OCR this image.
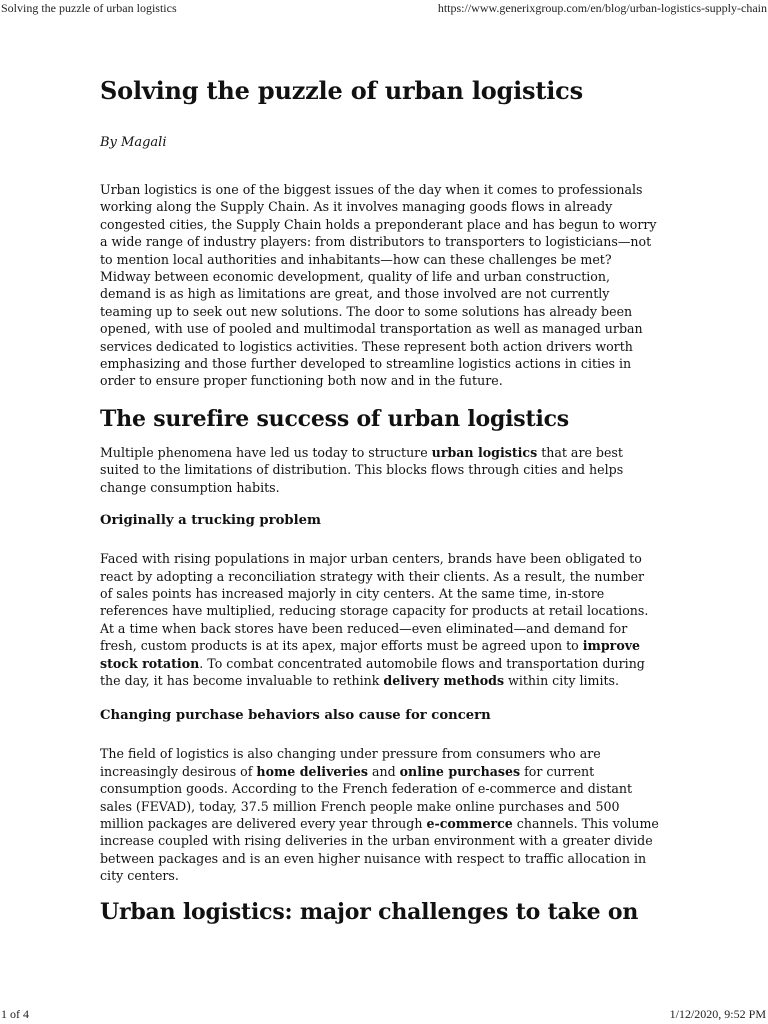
Solving the puzzle of urban logistics	https://www.generixgroup.com/en/blog/urban-logistics-supply-chain
Solving the puzzle of urban logistics
By Magali

Urban logistics is one of the biggest issues of the day when it comes to professionals working along the Supply Chain. As it involves managing goods flows in already congested cities, the Supply Chain holds a preponderant place and has begun to worry a wide range of industry players: from distributors to transporters to logisticians—not to mention local authorities and inhabitants—how can these challenges be met? Midway between economic development, quality of life and urban construction, demand is as high as limitations are great, and those involved are not currently teaming up to seek out new solutions. The door to some solutions has already been opened, with use of pooled and multimodal transportation as well as managed urban services dedicated to logistics activities. These represent both action drivers worth emphasizing and those further developed to streamline logistics actions in cities in order to ensure proper functioning both now and in the future.

The surefire success of urban logistics

Multiple phenomena have led us today to structure urban logistics that are best suited to the limitations of distribution. This blocks flows through cities and helps change consumption habits.

Originally a trucking problem

Faced with rising populations in major urban centers, brands have been obligated to react by adopting a reconciliation strategy with their clients. As a result, the number of sales points has increased majorly in city centers. At the same time, in-store references have multiplied, reducing storage capacity for products at retail locations. At a time when back stores have been reduced—even eliminated—and demand for fresh, custom products is at its apex, major efforts must be agreed upon to improve stock rotation. To combat concentrated automobile flows and transportation during the day, it has become invaluable to rethink delivery methods within city limits.

Changing purchase behaviors also cause for concern

The field of logistics is also changing under pressure from consumers who are increasingly desirous of home deliveries and online purchases for current consumption goods. According to the French federation of e-commerce and distant sales (FEVAD), today, 37.5 million French people make online purchases and 500 million packages are delivered every year through e-commerce channels. This volume increase coupled with rising deliveries in the urban environment with a greater divide between packages and is an even higher nuisance with respect to traffic allocation in city centers.

Urban logistics: major challenges to take on
1 of 4	1/12/2020, 9:52 PM
